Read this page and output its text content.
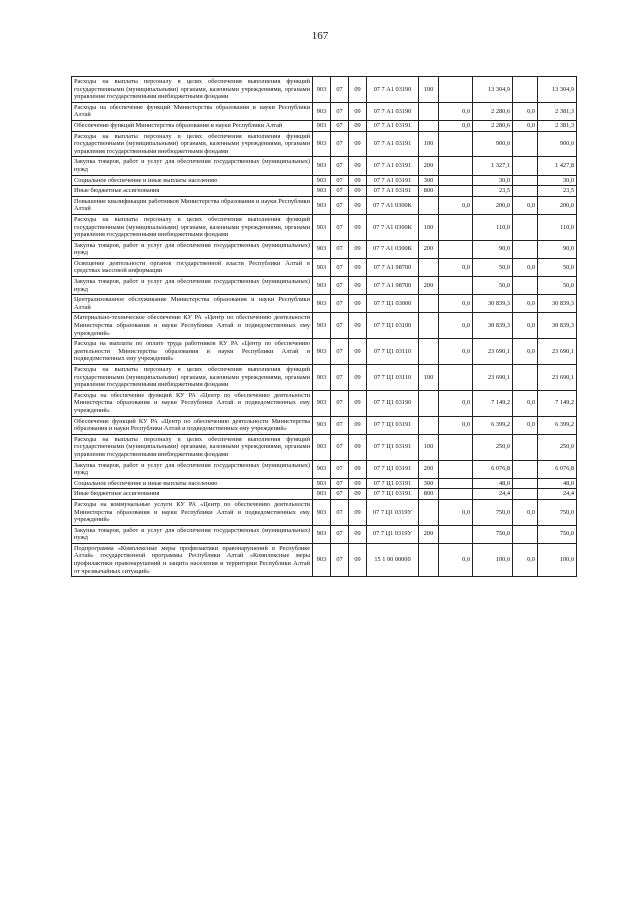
167
Расходы на выплаты персоналу в целях обеспечения выполнения функций государственными (муниципальными) органами, казенными учреждениями, органами управления государственными внебюджетными фондами	903	07	09	07 7 А1 03190	100		13 304,9		13 304,9
Расходы на обеспечение функций Министерства образования и науки Республики Алтай	903	07	09	07 7 А1 03190		0,0	2 280,6	0,0	2 381,3
Обеспечение функций Министерства образования и науки Республики Алтай	903	07	09	07 7 А1 03191		0,0	2 280,6	0,0	2 381,3
Расходы на выплаты персоналу в целях обеспечения выполнения функций государственными (муниципальными) органами, казенными учреждениями, органами управления государственными внебюджетными фондами	903	07	09	07 7 А1 03191	100		900,0		900,0
Закупка товаров, работ и услуг для обеспечения государственных (муниципальных) нужд	903	07	09	07 7 А1 03191	200		1 327,1		1 427,8
Социальное обеспечение и иные выплаты населению	903	07	09	07 7 А1 03191	300		30,0		30,0
Иные бюджетные ассигнования	903	07	09	07 7 А1 03191	800		23,5		23,5
Повышение квалификации работников Министерства образования и науки Республики Алтай	903	07	09	07 7 А1 0300К		0,0	200,0	0,0	200,0
Расходы на выплаты персоналу в целях обеспечения выполнения функций государственными (муниципальными) органами, казенными учреждениями, органами управления государственными внебюджетными фондами	903	07	09	07 7 А1 0300К	100		110,0		110,0
Закупка товаров, работ и услуг для обеспечения государственных (муниципальных) нужд	903	07	09	07 7 А1 0300К	200		90,0		90,0
Освещение деятельности органов государственной власти Республики Алтай в средствах массовой информации	903	07	09	07 7 А1 98700		0,0	50,0	0,0	50,0
Закупка товаров, работ и услуг для обеспечения государственных (муниципальных) нужд	903	07	09	07 7 А1 98700	200		50,0		50,0
Централизованное обслуживание Министерства образования и науки Республики Алтай	903	07	09	07 7 Ц1 03000		0,0	30 839,3	0,0	30 839,3
Материально-техническое обеспечение КУ РА «Центр по обеспечению деятельности Министерства образования и науки Республики Алтай и подведомственных ему учреждений»	903	07	09	07 7 Ц1 03100		0,0	30 839,3	0,0	30 839,3
Расходы на выплаты по оплате труда работников КУ РА «Центр по обеспечению деятельности Министерства образования и науки Республики Алтай и подведомственных ему учреждений»	903	07	09	07 7 Ц1 03110		0,0	23 690,1	0,0	23 690,1
Расходы на выплаты персоналу в целях обеспечения выполнения функций государственными (муниципальными) органами, казенными учреждениями, органами управления государственными внебюджетными фондами	903	07	09	07 7 Ц1 03110	100		23 690,1		23 690,1
Расходы на обеспечение функций КУ РА «Центр по обеспечению деятельности Министерства образования и науки Республики Алтай и подведомственных ему учреждений»	903	07	09	07 7 Ц1 03190		0,0	7 149,2	0,0	7 149,2
Обеспечение функций КУ РА «Центр по обеспечению деятельности Министерства образования и науки Республики Алтай и подведомственных ему учреждений»	903	07	09	07 7 Ц1 03191		0,0	6 399,2	0,0	6 399,2
Расходы на выплаты персоналу в целях обеспечения выполнения функций государственными (муниципальными) органами, казенными учреждениями, органами управления государственными внебюджетными фондами	903	07	09	07 7 Ц1 03191	100		250,0		250,0
Закупка товаров, работ и услуг для обеспечения государственных (муниципальных) нужд	903	07	09	07 7 Ц1 03191	200		6 076,8		6 076,8
Социальное обеспечение и иные выплаты населению	903	07	09	07 7 Ц1 03191	300		48,0		48,0
Иные бюджетные ассигнования	903	07	09	07 7 Ц1 03191	800		24,4		24,4
Расходы на коммунальные услуги КУ РА «Центр по обеспечению деятельности Министерства образования и науки Республики Алтай и подведомственных ему учреждений»	903	07	09	07 7 Ц1 0319У		0,0	750,0	0,0	750,0
Закупка товаров, работ и услуг для обеспечения государственных (муниципальных) нужд	903	07	09	07 7 Ц1 0319У	200		750,0		750,0
Подпрограмма «Комплексные меры профилактики правонарушений в Республике Алтай» государственной программы Республики Алтай «Комплексные меры профилактики правонарушений и защита населения и территории Республики Алтай от чрезвычайных ситуаций»	903	07	09	15 1 00 00000		0,0	100,0	0,0	100,0
